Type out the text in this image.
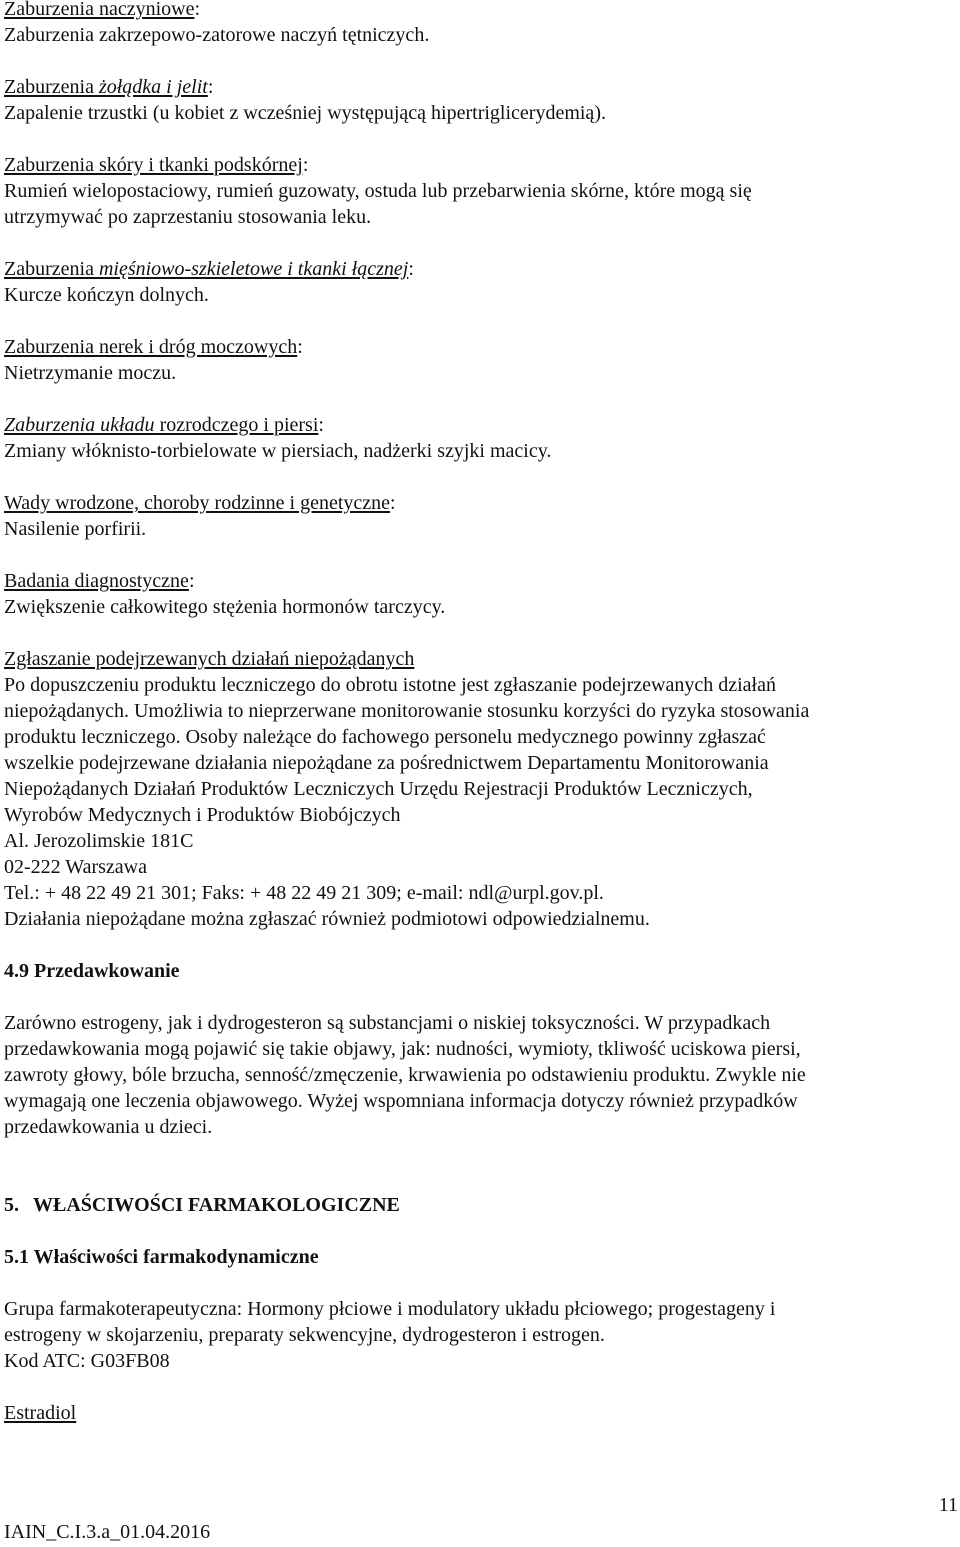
Zaburzenia naczyniowe:

Zaburzenia zakrzepowo-zatorowe naczyń tętniczych.

Zaburzenia żołądka i jelit:

Zapalenie trzustki (u kobiet z wcześniej występującą hipertriglicerydemią).

Zaburzenia skóry i tkanki podskórnej:

Rumień wielopostaciowy, rumień guzowaty, ostuda lub przebarwienia skórne, które mogą się

utrzymywać po zaprzestaniu stosowania leku.

Zaburzenia mięśniowo-szkieletowe i tkanki łącznej:

Kurcze kończyn dolnych.

Zaburzenia nerek i dróg moczowych:

Nietrzymanie moczu.

Zaburzenia układu rozrodczego i piersi:

Zmiany włóknisto-torbielowate w piersiach, nadżerki szyjki macicy.

Wady wrodzone, choroby rodzinne i genetyczne:

Nasilenie porfirii.

Badania diagnostyczne:

Zwiększenie całkowitego stężenia hormonów tarczycy.

Zgłaszanie podejrzewanych działań niepożądanych

Po dopuszczeniu produktu leczniczego do obrotu istotne jest zgłaszanie podejrzewanych działań

niepożądanych. Umożliwia to nieprzerwane monitorowanie stosunku korzyści do ryzyka stosowania

produktu leczniczego. Osoby należące do fachowego personelu medycznego powinny zgłaszać

wszelkie podejrzewane działania niepożądane za pośrednictwem Departamentu Monitorowania

Niepożądanych Działań Produktów Leczniczych Urzędu Rejestracji Produktów Leczniczych,

Wyrobów Medycznych i Produktów Biobójczych

Al. Jerozolimskie 181C

02-222 Warszawa

Tel.: + 48 22 49 21 301; Faks: + 48 22 49 21 309; e-mail: ndl@urpl.gov.pl.

Działania niepożądane można zgłaszać również podmiotowi odpowiedzialnemu.

4.9 Przedawkowanie

Zarówno estrogeny, jak i dydrogesteron są substancjami o niskiej toksyczności. W przypadkach

przedawkowania mogą pojawić się takie objawy, jak: nudności, wymioty, tkliwość uciskowa piersi,

zawroty głowy, bóle brzucha, senność/zmęczenie, krwawienia po odstawieniu produktu. Zwykle nie

wymagają one leczenia objawowego. Wyżej wspomniana informacja dotyczy również przypadków

przedawkowania u dzieci.

5. WŁAŚCIWOŚCI FARMAKOLOGICZNE

5.1 Właściwości farmakodynamiczne

Grupa farmakoterapeutyczna: Hormony płciowe i modulatory układu płciowego; progestageny i

estrogeny w skojarzeniu, preparaty sekwencyjne, dydrogesteron i estrogen.

Kod ATC: G03FB08

Estradiol

11

IAIN_C.I.3.a_01.04.2016
